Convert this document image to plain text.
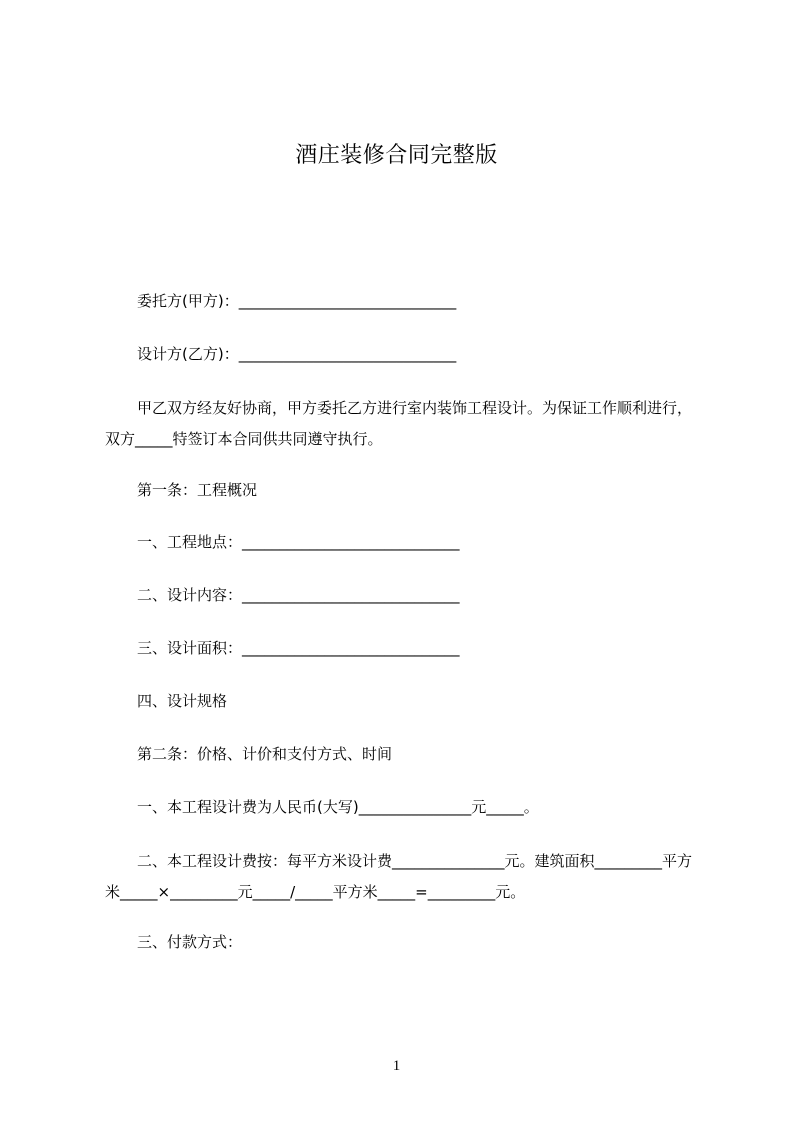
酒庄装修合同完整版
委托方(甲方)：_____________________________
设计方(乙方)：_____________________________
甲乙双方经友好协商，甲方委托乙方进行室内装饰工程设计。为保证工作顺利进行，双方_____特签订本合同供共同遵守执行。
第一条：工程概况
一、工程地点：_____________________________
二、设计内容：_____________________________
三、设计面积：_____________________________
四、设计规格
第二条：价格、计价和支付方式、时间
一、本工程设计费为人民币(大写)_______________元_____。
二、本工程设计费按：每平方米设计费_______________元。建筑面积_________平方米_____×_________元_____/_____平方米_____=_________元。
三、付款方式：
1
